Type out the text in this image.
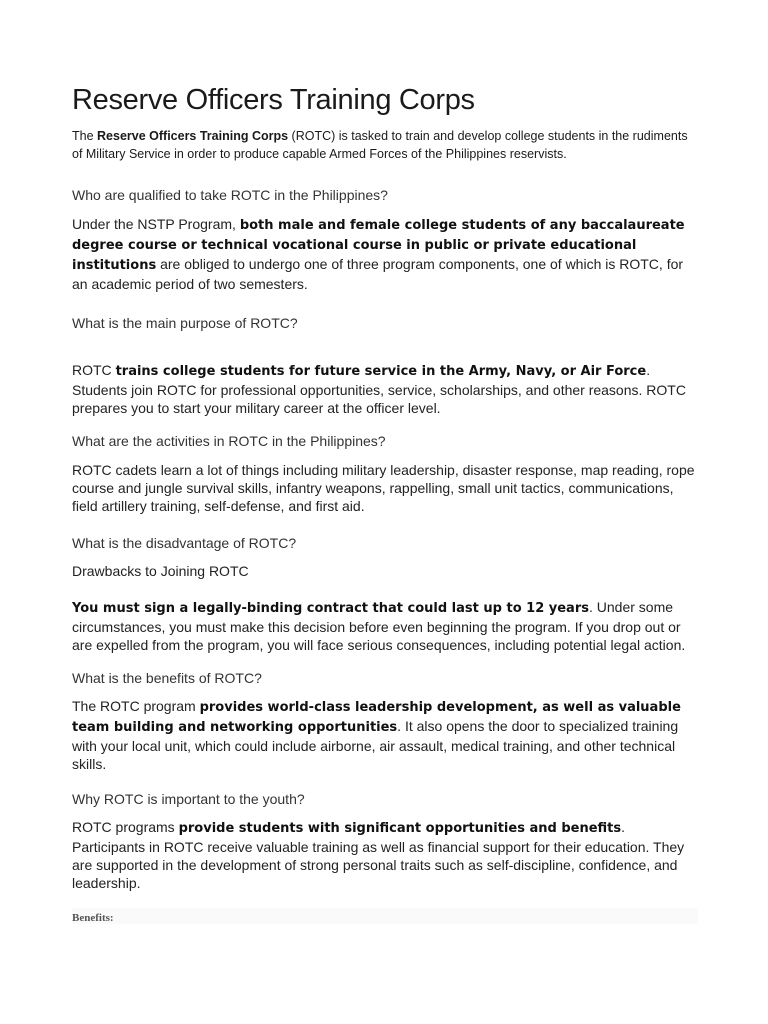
Reserve Officers Training Corps

The Reserve Officers Training Corps (ROTC) is tasked to train and develop college students in the rudiments of Military Service in order to produce capable Armed Forces of the Philippines reservists.

Who are qualified to take ROTC in the Philippines?

Under the NSTP Program, both male and female college students of any baccalaureate degree course or technical vocational course in public or private educational institutions are obliged to undergo one of three program components, one of which is ROTC, for an academic period of two semesters.

What is the main purpose of ROTC?

ROTC trains college students for future service in the Army, Navy, or Air Force. Students join ROTC for professional opportunities, service, scholarships, and other reasons. ROTC prepares you to start your military career at the officer level.

What are the activities in ROTC in the Philippines?

ROTC cadets learn a lot of things including military leadership, disaster response, map reading, rope course and jungle survival skills, infantry weapons, rappelling, small unit tactics, communications, field artillery training, self-defense, and first aid.

What is the disadvantage of ROTC?

Drawbacks to Joining ROTC

You must sign a legally-binding contract that could last up to 12 years. Under some circumstances, you must make this decision before even beginning the program. If you drop out or are expelled from the program, you will face serious consequences, including potential legal action.

What is the benefits of ROTC?

The ROTC program provides world-class leadership development, as well as valuable team building and networking opportunities. It also opens the door to specialized training with your local unit, which could include airborne, air assault, medical training, and other technical skills.

Why ROTC is important to the youth?

ROTC programs provide students with significant opportunities and benefits. Participants in ROTC receive valuable training as well as financial support for their education. They are supported in the development of strong personal traits such as self-discipline, confidence, and leadership.

Benefits:
